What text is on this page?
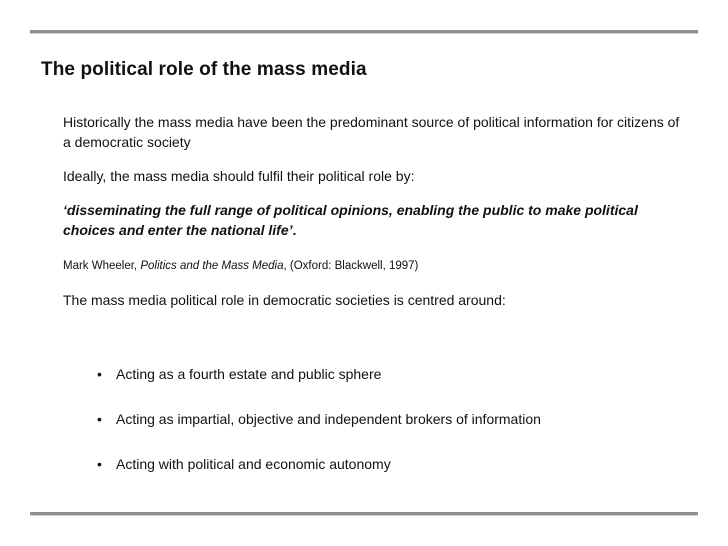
The political role of the mass media

Historically the mass media have been the predominant source of political information for citizens of a democratic society

Ideally, the mass media should fulfil their political role by:

‘disseminating the full range of political opinions, enabling the public to make political choices and enter the national life’.

Mark Wheeler, Politics and the Mass Media, (Oxford: Blackwell, 1997)

The mass media political role in democratic societies is centred around:

•	Acting as a fourth estate and public sphere
•	Acting as impartial, objective and independent brokers of information
•	Acting with political and economic autonomy
